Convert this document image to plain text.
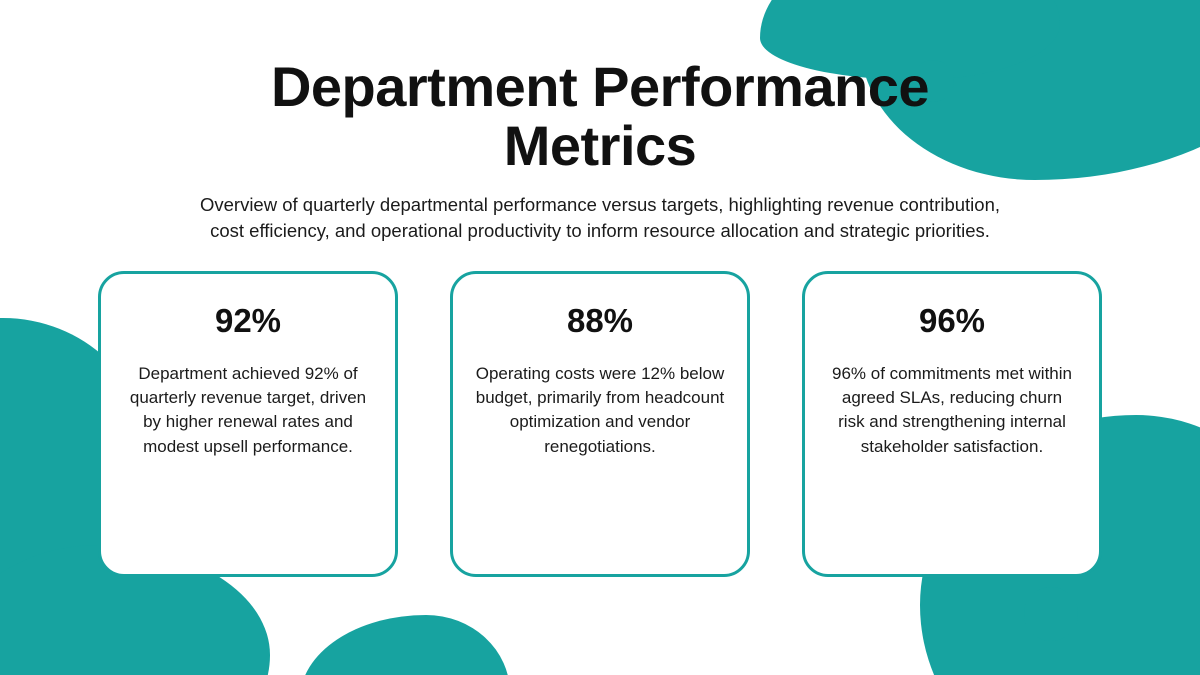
Department Performance Metrics

Overview of quarterly departmental performance versus targets, highlighting revenue contribution, cost efficiency, and operational productivity to inform resource allocation and strategic priorities.

92%
Department achieved 92% of quarterly revenue target, driven by higher renewal rates and modest upsell performance.
88%
Operating costs were 12% below budget, primarily from headcount optimization and vendor renegotiations.
96%
96% of commitments met within agreed SLAs, reducing churn risk and strengthening internal stakeholder satisfaction.
